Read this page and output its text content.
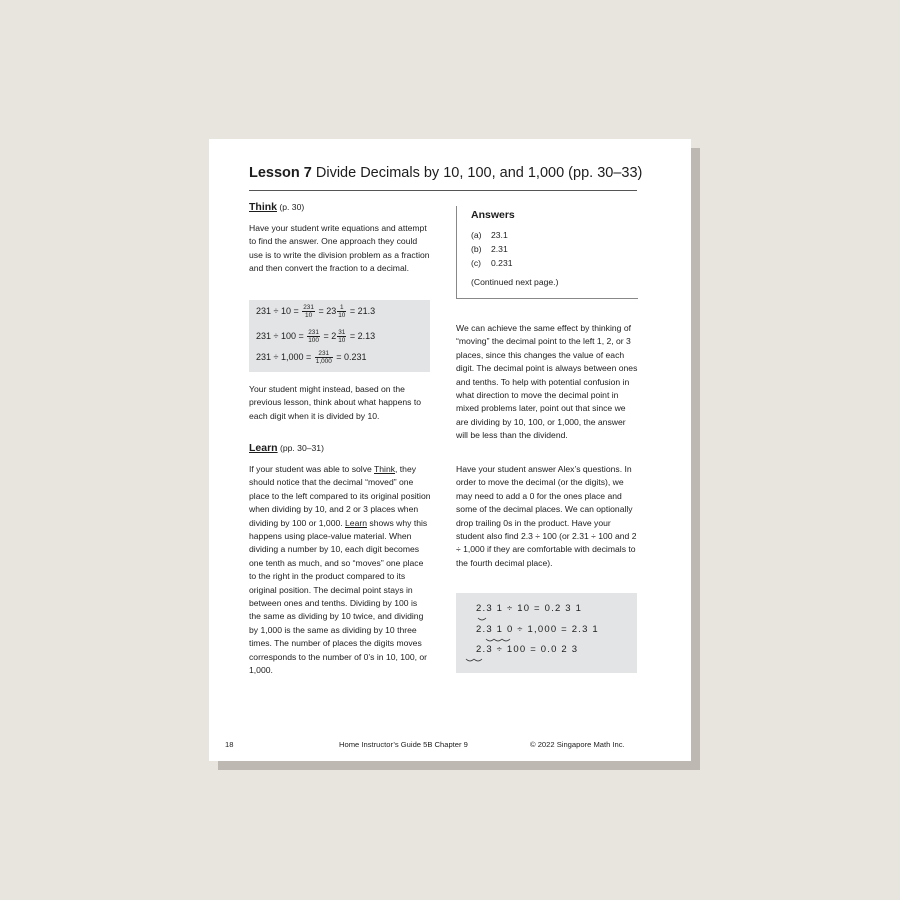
Lesson 7 Divide Decimals by 10, 100, and 1,000 (pp. 30–33)
Think (p. 30)

Have your student write equations and attempt to find the answer. One approach they could use is to write the division problem as a fraction and then convert the fraction to a decimal.

$231 \div 10 = \frac{231}{10} = 23 \frac{1}{10} = 21.3$
$231 \div 100 = \frac{231}{100} = 2 \frac{31}{10} = 2.13$
$231 \div 1,000 = \frac{231}{1,000} = 0.231$

Your student might instead, based on the previous lesson, think about what happens to each digit when it is divided by 10.

Learn (pp. 30–31)

If your student was able to solve Think, they should notice that the decimal “moved” one place to the left compared to its original position when dividing by 10, and 2 or 3 places when dividing by 100 or 1,000. Learn shows why this happens using place-value material. When dividing a number by 10, each digit becomes one tenth as much, and so “moves” one place to the right in the product compared to its original position. The decimal point stays in between ones and tenths. Dividing by 100 is the same as dividing by 10 twice, and dividing by 1,000 is the same as dividing by 10 three times. The number of places the digits moves corresponds to the number of 0’s in 10, 100, or 1,000.

Answers
(a) 23.1
(b) 2.31
(c) 0.231
(Continued next page.)

We can achieve the same effect by thinking of “moving” the decimal point to the left 1, 2, or 3 places, since this changes the value of each digit. The decimal point is always between ones and tenths. To help with potential confusion in what direction to move the decimal point in mixed problems later, point out that since we are dividing by 10, 100, or 1,000, the answer will be less than the dividend.

Have your student answer Alex’s questions. In order to move the decimal (or the digits), we may need to add a 0 for the ones place and some of the decimal places. We can optionally drop trailing 0s in the product. Have your student also find 2.3 ÷ 100 (or 2.31 ÷ 100 and 2 ÷ 1,000 if they are comfortable with decimals to the fourth decimal place).

2.3 1 ÷ 10 = 0.2 3 1
2.3 1 0 ÷ 1,000 = 2.3 1
2.3 ÷ 100 = 0.0 2 3
18	Home Instructor’s Guide 5B Chapter 9	© 2022 Singapore Math Inc.
